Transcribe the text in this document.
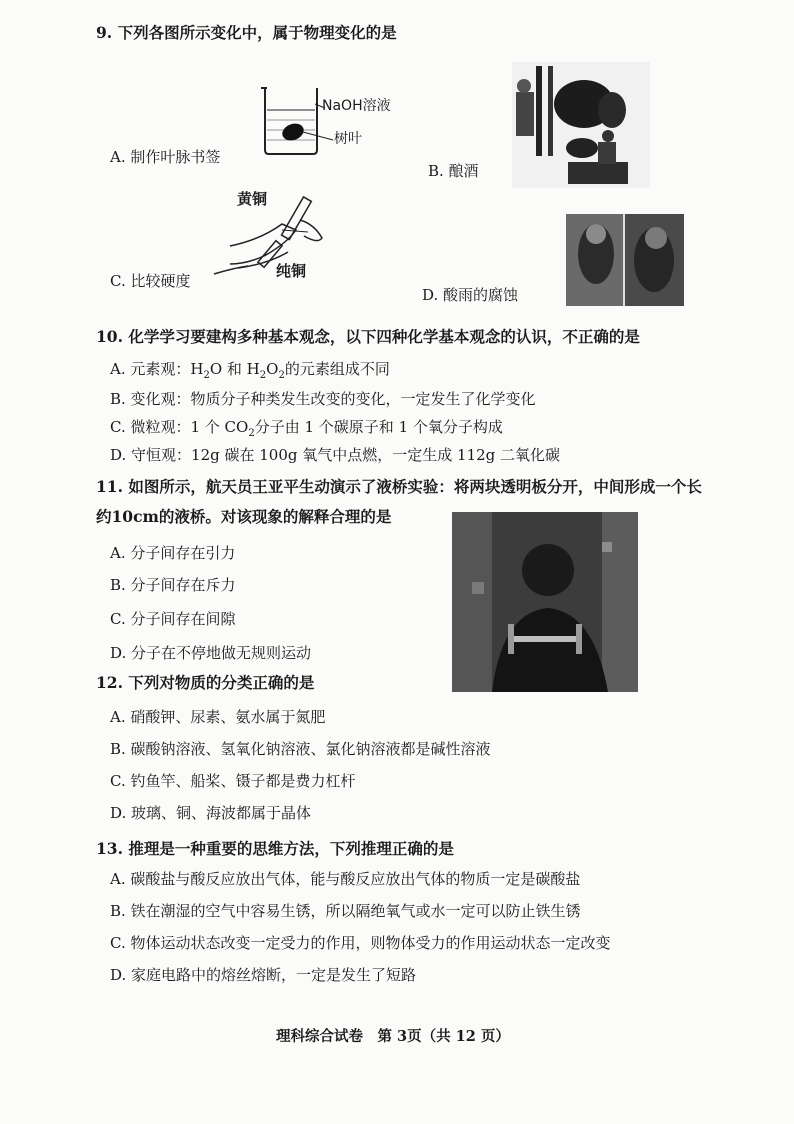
9. 下列各图所示变化中，属于物理变化的是
NaOH溶液
树叶
A. 制作叶脉书签
B. 酿酒
黄铜
纯铜
C. 比较硬度
D. 酸雨的腐蚀
10. 化学学习要建构多种基本观念，以下四种化学基本观念的认识，不正确的是
A. 元素观：$H_2O$ 和 $H_2O_2$的元素组成不同
B. 变化观：物质分子种类发生改变的变化，一定发生了化学变化
C. 微粒观：1 个 $CO_2$分子由 1 个碳原子和 1 个氧分子构成
D. 守恒观：12g 碳在 100g 氧气中点燃，一定生成 112g 二氧化碳
11. 如图所示，航天员王亚平生动演示了液桥实验：将两块透明板分开，中间形成一个长
约10cm的液桥。对该现象的解释合理的是
A. 分子间存在引力
B. 分子间存在斥力
C. 分子间存在间隙
D. 分子在不停地做无规则运动
12. 下列对物质的分类正确的是
A. 硝酸钾、尿素、氨水属于氮肥
B. 碳酸钠溶液、氢氧化钠溶液、氯化钠溶液都是碱性溶液
C. 钓鱼竿、船桨、镊子都是费力杠杆
D. 玻璃、铜、海波都属于晶体
13. 推理是一种重要的思维方法，下列推理正确的是
A. 碳酸盐与酸反应放出气体，能与酸反应放出气体的物质一定是碳酸盐
B. 铁在潮湿的空气中容易生锈，所以隔绝氧气或水一定可以防止铁生锈
C. 物体运动状态改变一定受力的作用，则物体受力的作用运动状态一定改变
D. 家庭电路中的熔丝熔断，一定是发生了短路
理科综合试卷　第 3页（共 12 页）
